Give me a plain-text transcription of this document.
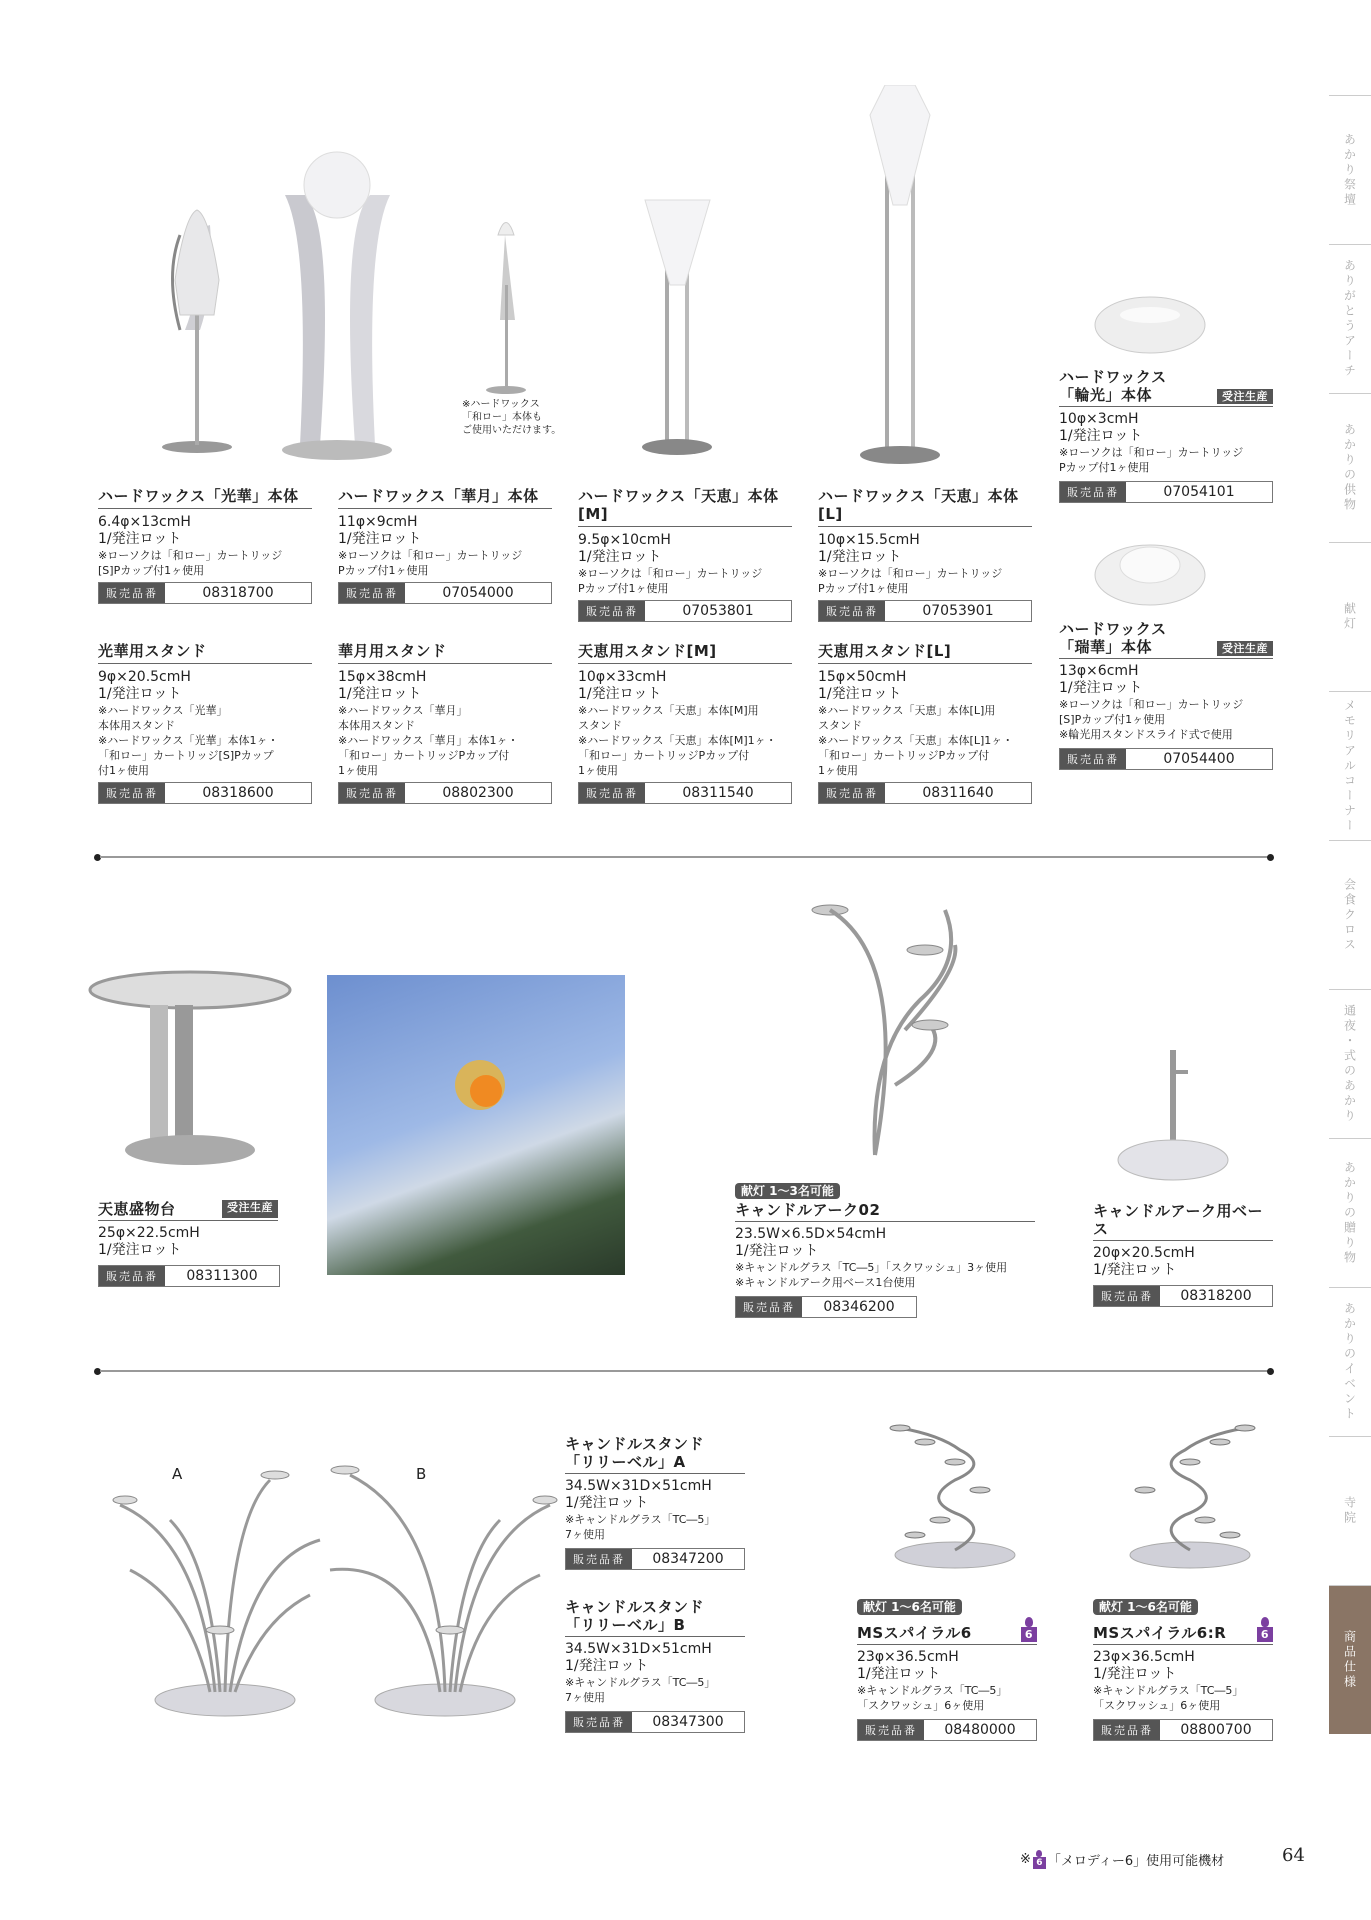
あかり祭壇
ありがとうアーチ
あかりの供物
献灯
メモリアルコーナー
会食クロス
通夜・式のあかり
あかりの贈り物
あかりのイベント
寺院
商品仕様
※ハードワックス
「和ロー」本体も
ご使用いただけます。
ハードワックス「光華」本体
6.4φ×13cmH
1/発注ロット
※ローソクは「和ロー」カートリッジ
[S]Pカップ付1ヶ使用
販売品番	08318700
ハードワックス「華月」本体
11φ×9cmH
1/発注ロット
※ローソクは「和ロー」カートリッジ
Pカップ付1ヶ使用
販売品番	07054000
ハードワックス「天恵」本体[M]
9.5φ×10cmH
1/発注ロット
※ローソクは「和ロー」カートリッジ
Pカップ付1ヶ使用
販売品番	07053801
ハードワックス「天恵」本体[L]
10φ×15.5cmH
1/発注ロット
※ローソクは「和ロー」カートリッジ
Pカップ付1ヶ使用
販売品番	07053901
光華用スタンド
9φ×20.5cmH
1/発注ロット
※ハードワックス「光華」
本体用スタンド
※ハードワックス「光華」本体1ヶ・
「和ロー」カートリッジ[S]Pカップ
付1ヶ使用
販売品番	08318600
華月用スタンド
15φ×38cmH
1/発注ロット
※ハードワックス「華月」
本体用スタンド
※ハードワックス「華月」本体1ヶ・
「和ロー」カートリッジPカップ付
1ヶ使用
販売品番	08802300
天恵用スタンド[M]
10φ×33cmH
1/発注ロット
※ハードワックス「天恵」本体[M]用
スタンド
※ハードワックス「天恵」本体[M]1ヶ・
「和ロー」カートリッジPカップ付
1ヶ使用
販売品番	08311540
天恵用スタンド[L]
15φ×50cmH
1/発注ロット
※ハードワックス「天恵」本体[L]用
スタンド
※ハードワックス「天恵」本体[L]1ヶ・
「和ロー」カートリッジPカップ付
1ヶ使用
販売品番	08311640
ハードワックス
「輪光」本体	受注生産
10φ×3cmH
1/発注ロット
※ローソクは「和ロー」カートリッジ
Pカップ付1ヶ使用
販売品番	07054101
ハードワックス
「瑞華」本体	受注生産
13φ×6cmH
1/発注ロット
※ローソクは「和ロー」カートリッジ
[S]Pカップ付1ヶ使用
※輪光用スタンドスライド式で使用
販売品番	07054400
天恵盛物台	受注生産
25φ×22.5cmH
1/発注ロット
販売品番	08311300
献灯 1～3名可能
キャンドルアーク02
23.5W×6.5D×54cmH
1/発注ロット
※キャンドルグラス「TC―5」「スクワッシュ」3ヶ使用
※キャンドルアーク用ベース1台使用
販売品番	08346200
キャンドルアーク用ベース
20φ×20.5cmH
1/発注ロット
販売品番	08318200
A	B
キャンドルスタンド
「リリーベル」A
34.5W×31D×51cmH
1/発注ロット
※キャンドルグラス「TC―5」
7ヶ使用
販売品番	08347200
キャンドルスタンド
「リリーベル」B
34.5W×31D×51cmH
1/発注ロット
※キャンドルグラス「TC―5」
7ヶ使用
販売品番	08347300
献灯 1～6名可能
MSスパイラル6	6
23φ×36.5cmH
1/発注ロット
※キャンドルグラス「TC―5」
「スクワッシュ」6ヶ使用
販売品番	08480000
献灯 1～6名可能
MSスパイラル6:R	6
23φ×36.5cmH
1/発注ロット
※キャンドルグラス「TC―5」
「スクワッシュ」6ヶ使用
販売品番	08800700
※ 6 「メロディー6」使用可能機材	64
